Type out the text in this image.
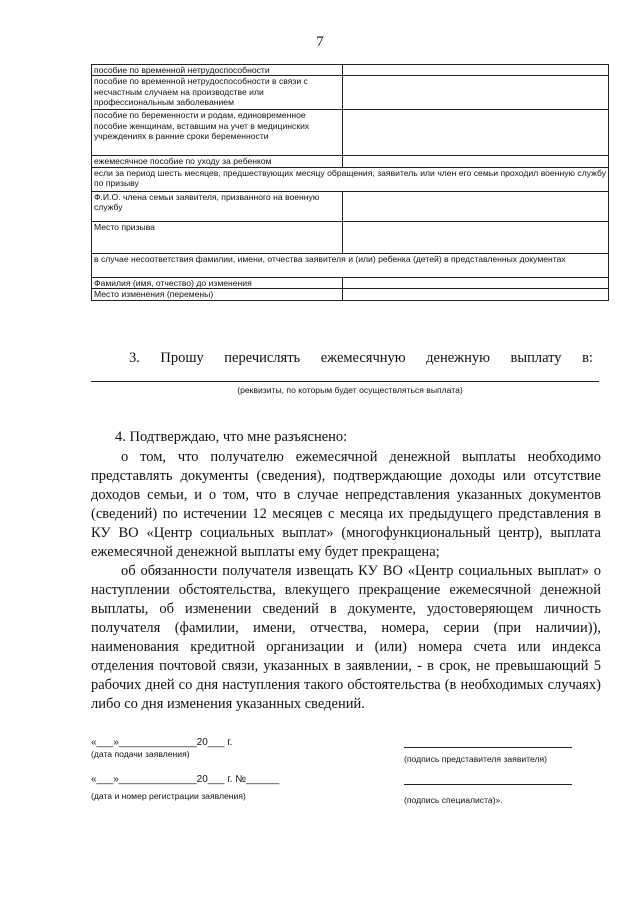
7
пособие по временной нетрудоспособности	
пособие по временной нетрудоспособности в связи с несчастным случаем на производстве или профессиональным заболеванием	
пособие по беременности и родам, единовременное пособие женщинам, вставшим на учет в медицинских учреждениях в ранние сроки беременности	
ежемесячное пособие по уходу за ребенком	
если за период шесть месяцев, предшествующих месяцу обращения, заявитель или член его семьи проходил военную службу по призыву	
Ф.И.О. члена семьи заявителя, призванного на военную службу	
Место призыва	
в случае несоответствия фамилии, имени, отчества заявителя и (или) ребенка (детей) в представленных документах	
Фамилия (имя, отчество) до изменения	
Место изменения (перемены)	
3. Прошу перечислять ежемесячную денежную выплату в:
(реквизиты, по которым будет осуществляться выплата)

4. Подтверждаю, что мне разъяснено:

о том, что получателю ежемесячной денежной выплаты необходимо представлять документы (сведения), подтверждающие доходы или отсутствие доходов семьи, и о том, что в случае непредставления указанных документов (сведений) по истечении 12 месяцев с месяца их предыдущего представления в КУ ВО «Центр социальных выплат» (многофункциональный центр), выплата ежемесячной денежной выплаты ему будет прекращена;

об обязанности получателя извещать КУ ВО «Центр социальных выплат» о наступлении обстоятельства, влекущего прекращение ежемесячной денежной выплаты, об изменении сведений в документе, удостоверяющем личность получателя (фамилии, имени, отчества, номера, серии (при наличии)), наименования кредитной организации и (или) номера счета или индекса отделения почтовой связи, указанных в заявлении, - в срок, не превышающий 5 рабочих дней со дня наступления такого обстоятельства (в необходимых случаях) либо со дня изменения указанных сведений.

«___»______________20___ г.
(дата подачи заявления)	(подпись представителя заявителя)
«___»______________20___ г. №______
(дата и номер регистрации заявления)	(подпись специалиста)».
